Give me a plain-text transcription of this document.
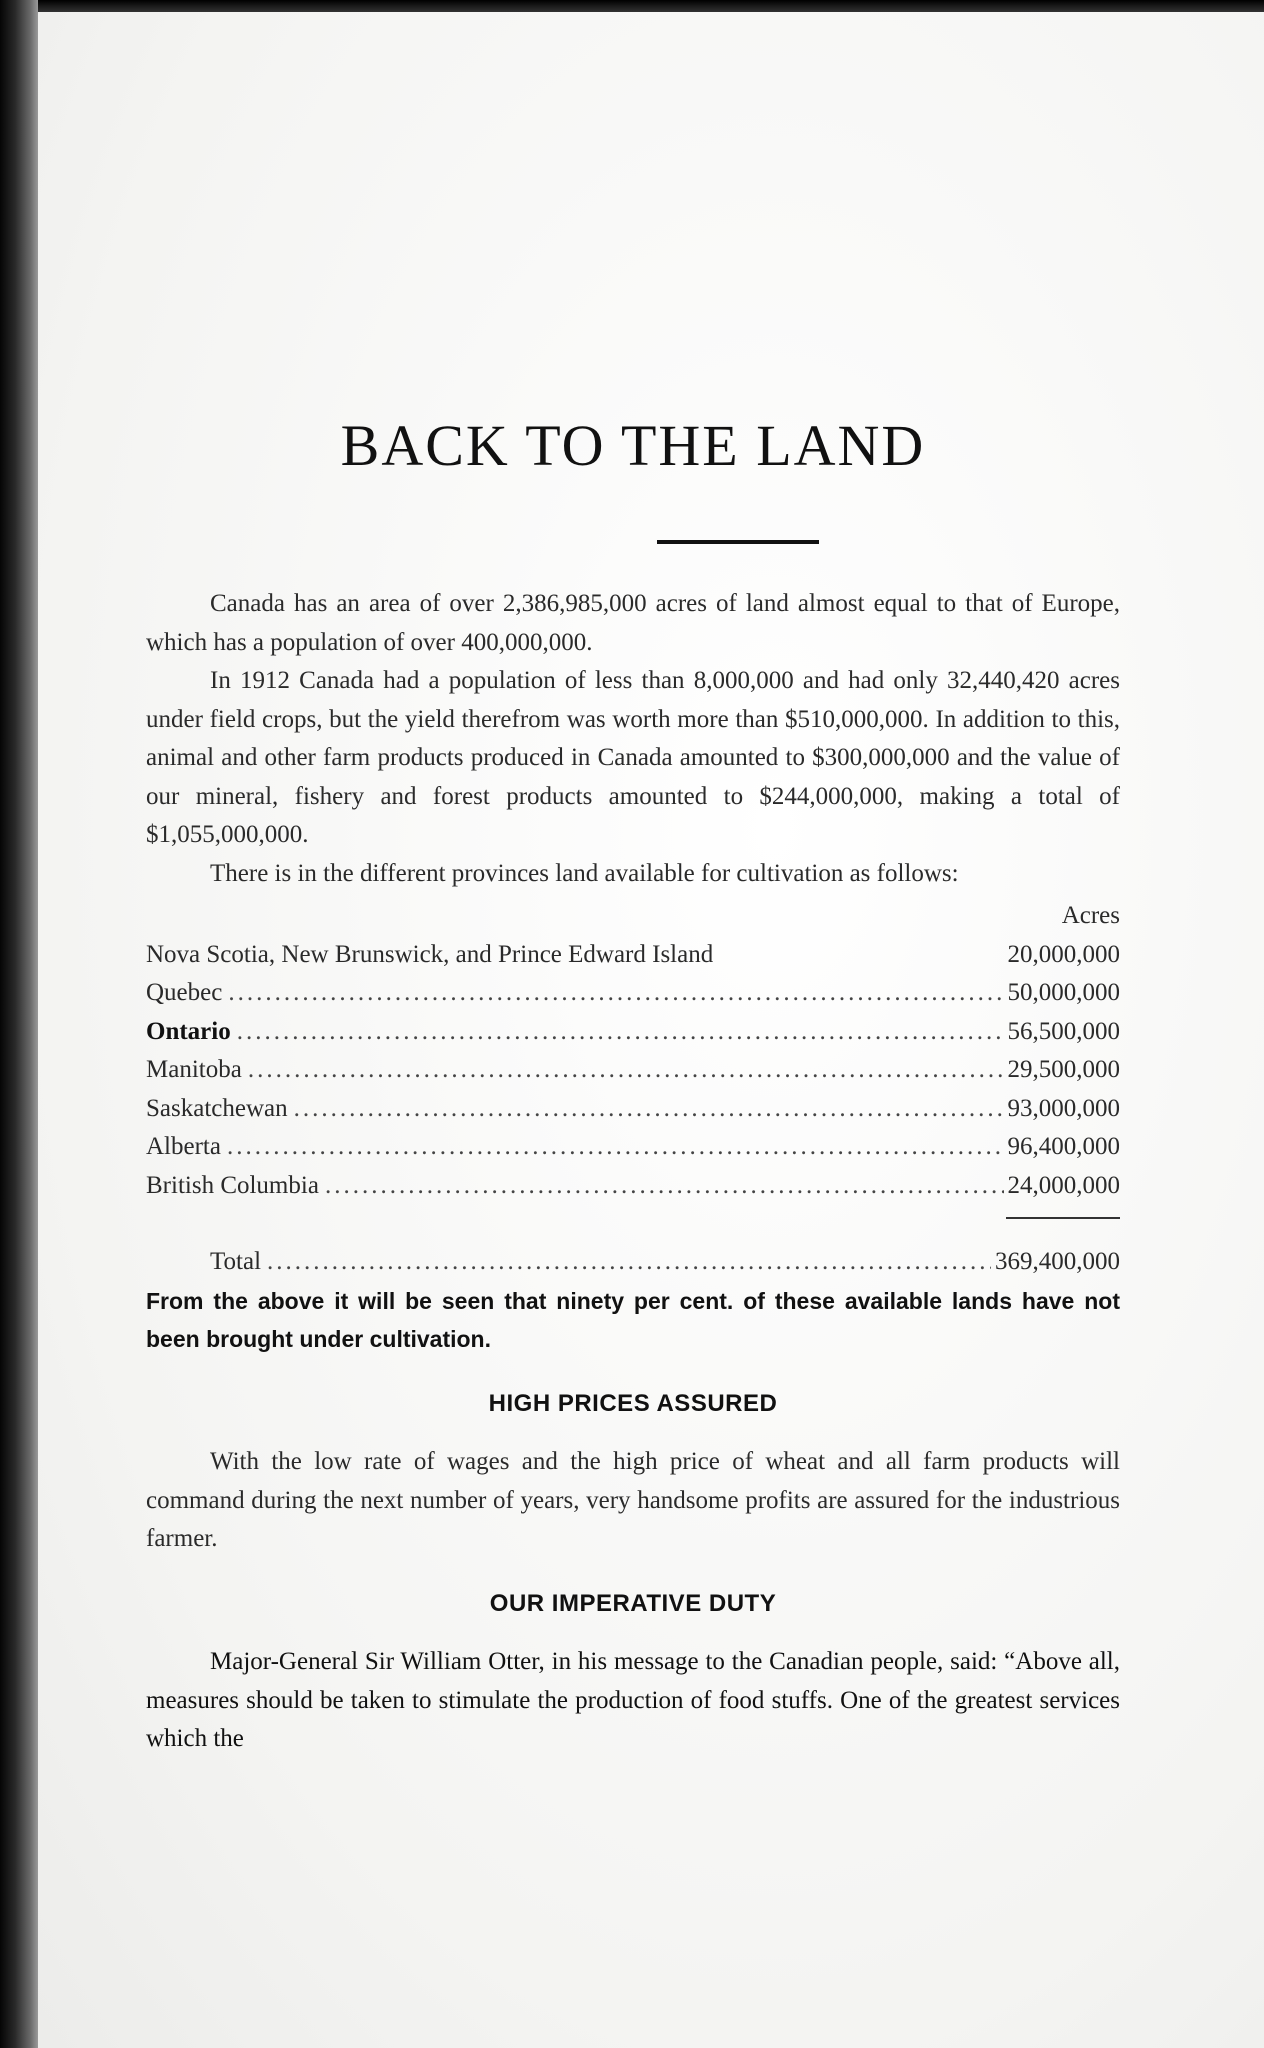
BACK TO THE LAND

Canada has an area of over 2,386,985,000 acres of land almost equal to that of Europe, which has a population of over 400,000,000.

In 1912 Canada had a population of less than 8,000,000 and had only 32,440,420 acres under field crops, but the yield therefrom was worth more than $510,000,000. In addition to this, animal and other farm products produced in Canada amounted to $300,000,000 and the value of our mineral, fishery and forest products amounted to $244,000,000, making a total of $1,055,000,000.

There is in the different provinces land available for cultivation as follows:

Acres
Nova Scotia, New Brunswick, and Prince Edward Island	20,000,000
Quebec .....	50,000,000
Ontario .....	56,500,000
Manitoba .....	29,500,000
Saskatchewan .....	93,000,000
Alberta .....	96,400,000
British Columbia .....	24,000,000
Total .....	369,400,000

From the above it will be seen that ninety per cent. of these available lands have not been brought under cultivation.

HIGH PRICES ASSURED

With the low rate of wages and the high price of wheat and all farm products will command during the next number of years, very handsome profits are assured for the industrious farmer.

OUR IMPERATIVE DUTY

Major-General Sir William Otter, in his message to the Canadian people, said: “Above all, measures should be taken to stimulate the production of food stuffs. One of the greatest services which the
